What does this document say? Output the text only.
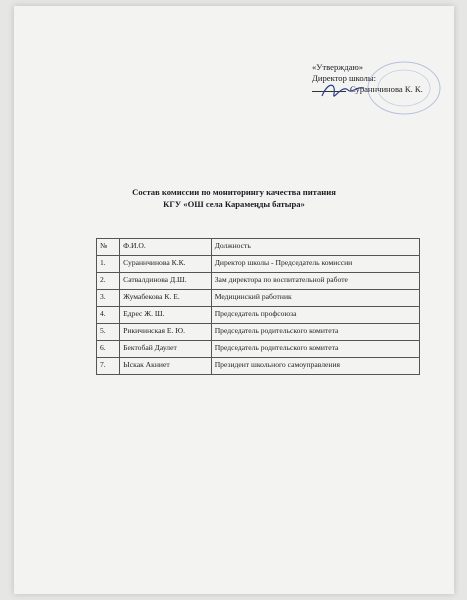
«Утверждаю»
Директор школы:
Сураннчинова К. К.
Состав комиссии по мониторингу качества питания
КГУ «ОШ села Карамеңды батыра»
№	Ф.И.О.	Должность
1.	Сураннчинова К.К.	Директор школы - Председатель комиссии
2.	Сатвалдинова Д.Ш.	Зам директора по воспитательной работе
3.	Жумабекова К. Е.	Медицинский работник
4.	Едрес Ж. Ш.	Председатель профсоюза
5.	Рикичинская Е. Ю.	Председатель родительского комитета
6.	Бектобай Даулет	Председатель родительского комитета
7.	Ыскак Акниет	Президент школьного самоуправления
